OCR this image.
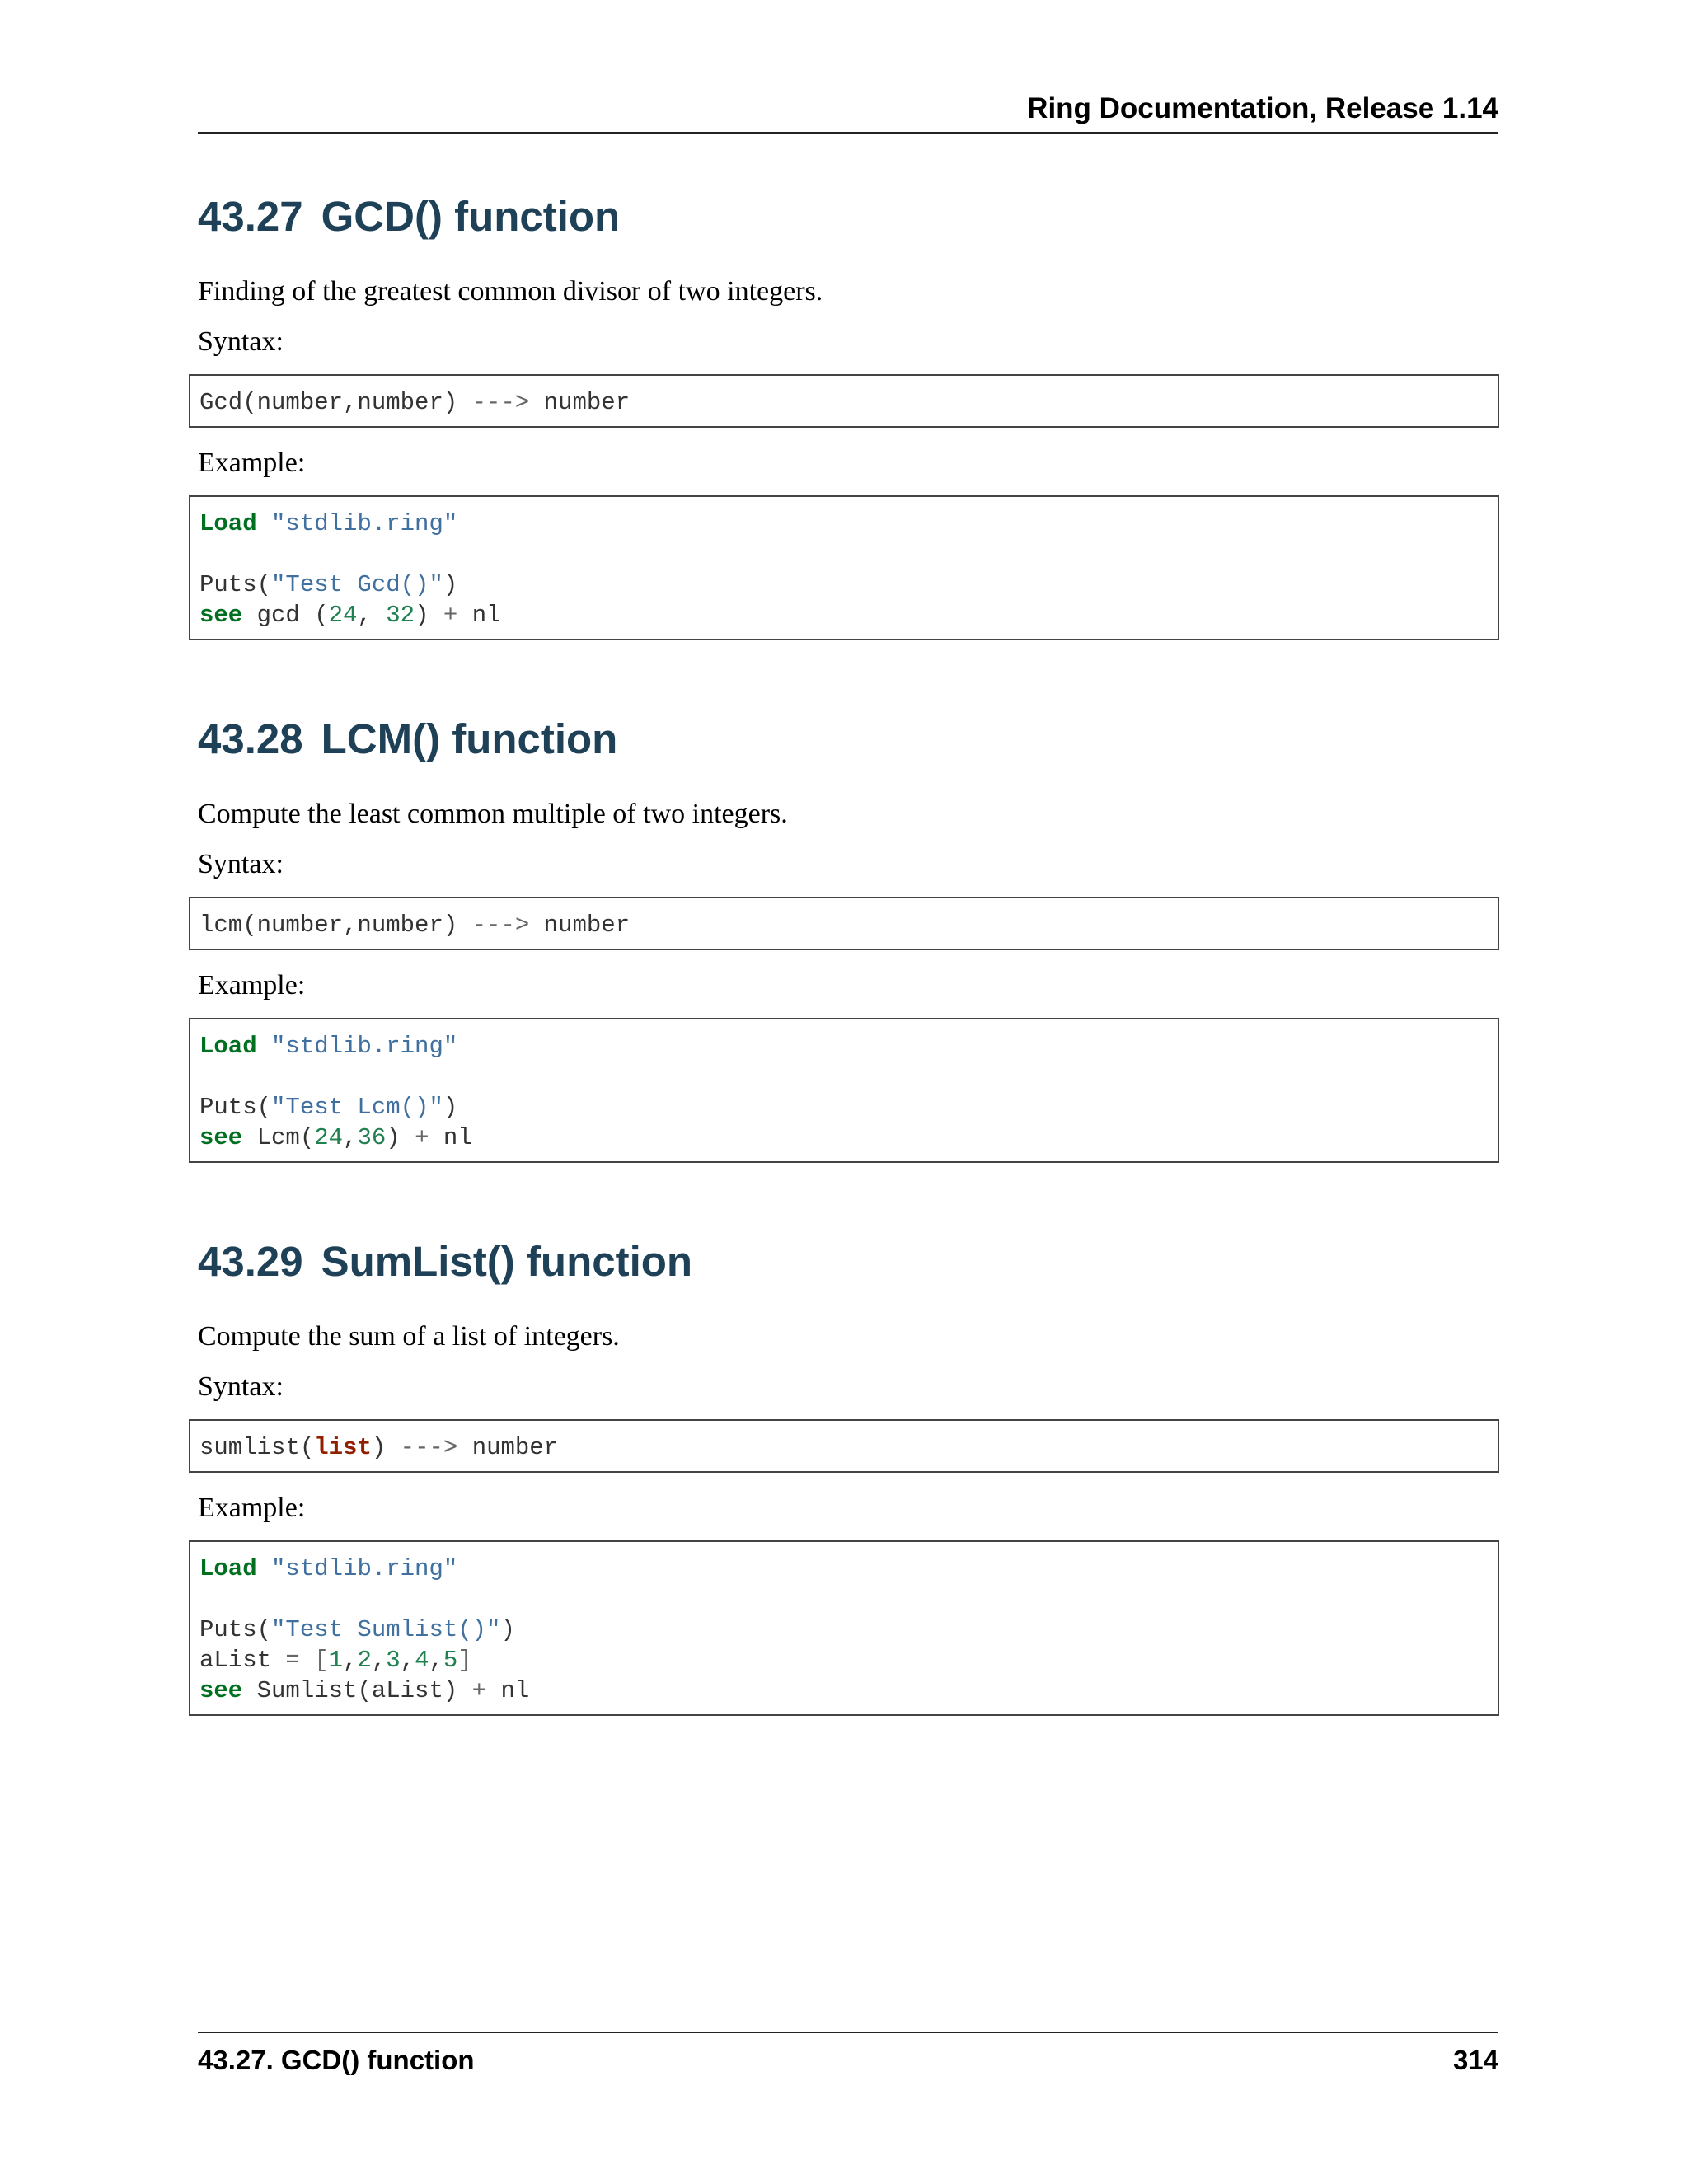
Ring Documentation, Release 1.14
43.27 GCD() function

Finding of the greatest common divisor of two integers.

Syntax:

Gcd(number,number) ---> number

Example:

Load "stdlib.ring"
Puts("Test Gcd()")
see gcd (24, 32) + nl
43.28 LCM() function

Compute the least common multiple of two integers.

Syntax:

lcm(number,number) ---> number

Example:

Load "stdlib.ring"
Puts("Test Lcm()")
see Lcm(24,36) + nl
43.29 SumList() function

Compute the sum of a list of integers.

Syntax:

sumlist(list) ---> number

Example:

Load "stdlib.ring"
Puts("Test Sumlist()")
aList = [1,2,3,4,5]
see Sumlist(aList) + nl
43.27. GCD() function	314
